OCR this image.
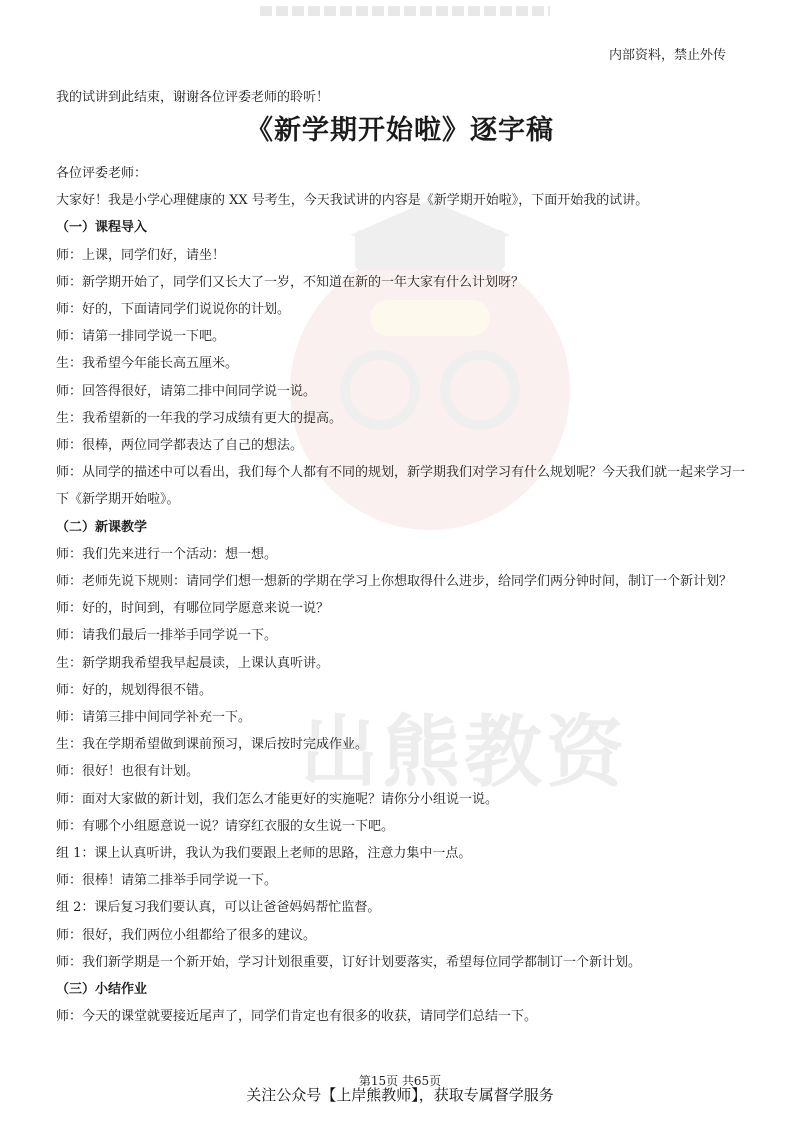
出熊教资
内部资料，禁止外传
我的试讲到此结束，谢谢各位评委老师的聆听！
《新学期开始啦》逐字稿

各位评委老师：

大家好！我是小学心理健康的 XX 号考生，今天我试讲的内容是《新学期开始啦》，下面开始我的试讲。

（一）课程导入

师：上课，同学们好，请坐！

师：新学期开始了，同学们又长大了一岁，不知道在新的一年大家有什么计划呀？

师：好的，下面请同学们说说你的计划。

师：请第一排同学说一下吧。

生：我希望今年能长高五厘米。

师：回答得很好，请第二排中间同学说一说。

生：我希望新的一年我的学习成绩有更大的提高。

师：很棒，两位同学都表达了自己的想法。

师：从同学的描述中可以看出，我们每个人都有不同的规划，新学期我们对学习有什么规划呢？今天我们就一起来学习一下《新学期开始啦》。

（二）新课教学

师：我们先来进行一个活动：想一想。

师：老师先说下规则：请同学们想一想新的学期在学习上你想取得什么进步，给同学们两分钟时间，制订一个新计划？

师：好的，时间到，有哪位同学愿意来说一说？

师：请我们最后一排举手同学说一下。

生：新学期我希望我早起晨读，上课认真听讲。

师：好的，规划得很不错。

师：请第三排中间同学补充一下。

生：我在学期希望做到课前预习，课后按时完成作业。

师：很好！也很有计划。

师：面对大家做的新计划，我们怎么才能更好的实施呢？请你分小组说一说。

师：有哪个小组愿意说一说？请穿红衣服的女生说一下吧。

组 1：课上认真听讲，我认为我们要跟上老师的思路，注意力集中一点。

师：很棒！请第二排举手同学说一下。

组 2：课后复习我们要认真，可以让爸爸妈妈帮忙监督。

师：很好，我们两位小组都给了很多的建议。

师：我们新学期是一个新开始，学习计划很重要，订好计划要落实，希望每位同学都制订一个新计划。

（三）小结作业

师：今天的课堂就要接近尾声了，同学们肯定也有很多的收获，请同学们总结一下。

第15页 共65页
关注公众号【上岸熊教师】，获取专属督学服务
